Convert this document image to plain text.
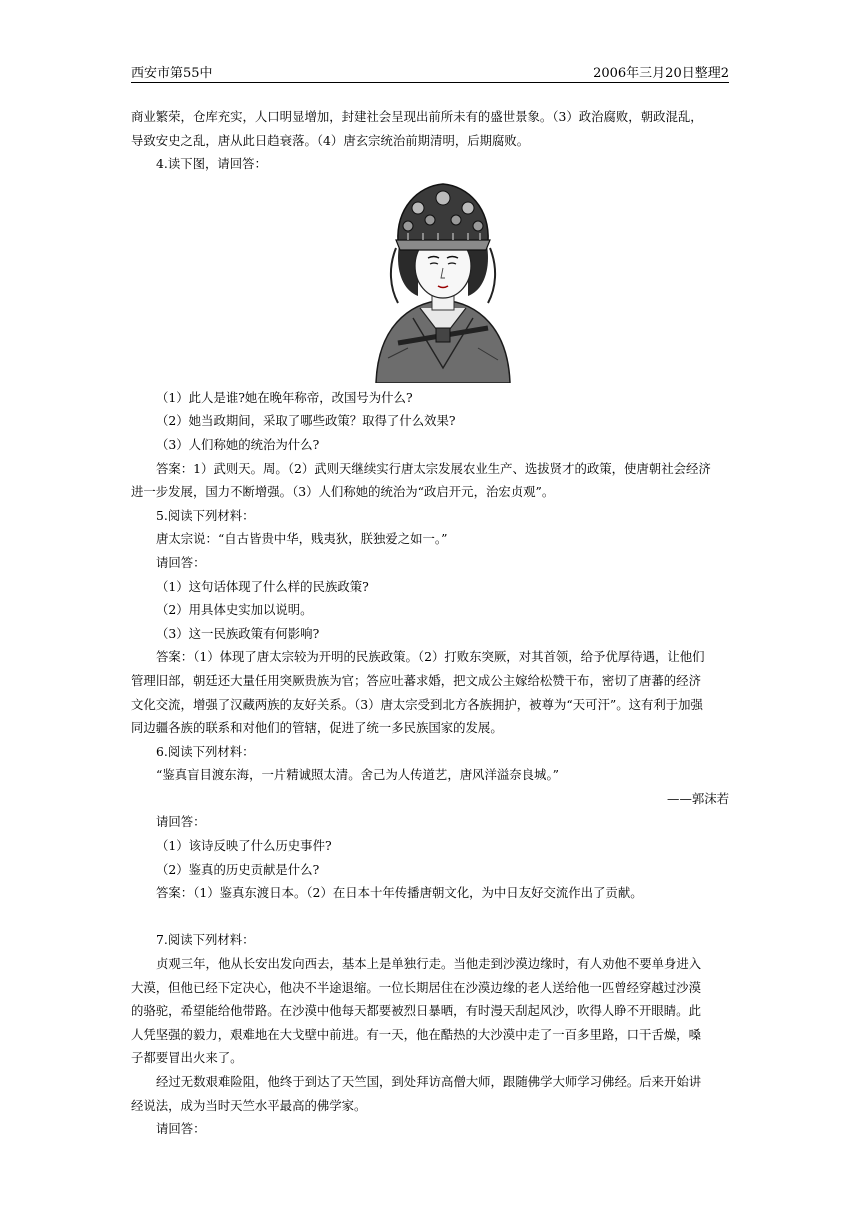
西安市第55中	2006年三月20日整理2

商业繁荣，仓库充实，人口明显增加，封建社会呈现出前所未有的盛世景象。（3）政治腐败，朝政混乱，

导致安史之乱，唐从此日趋衰落。（4）唐玄宗统治前期清明，后期腐败。

4.读下图，请回答：

（1）此人是谁?她在晚年称帝，改国号为什么?

（2）她当政期间，采取了哪些政策？取得了什么效果?

（3）人们称她的统治为什么?

答案：1）武则天。周。（2）武则天继续实行唐太宗发展农业生产、选拔贤才的政策，使唐朝社会经济

进一步发展，国力不断增强。（3）人们称她的统治为“政启开元，治宏贞观”。

5.阅读下列材料：

唐太宗说：“自古皆贵中华，贱夷狄，朕独爱之如一。”

请回答：

（1）这句话体现了什么样的民族政策?

（2）用具体史实加以说明。

（3）这一民族政策有何影响?

答案：（1）体现了唐太宗较为开明的民族政策。（2）打败东突厥，对其首领，给予优厚待遇，让他们

管理旧部，朝廷还大量任用突厥贵族为官；答应吐蕃求婚，把文成公主嫁给松赞干布，密切了唐蕃的经济

文化交流，增强了汉藏两族的友好关系。（3）唐太宗受到北方各族拥护，被尊为“天可汗”。这有利于加强

同边疆各族的联系和对他们的管辖，促进了统一多民族国家的发展。

6.阅读下列材料：

“鉴真盲目渡东海，一片精诚照太清。舍己为人传道艺，唐风洋溢奈良城。”

——郭沫若

请回答：

（1）该诗反映了什么历史事件?

（2）鉴真的历史贡献是什么?

答案：（1）鉴真东渡日本。（2）在日本十年传播唐朝文化，为中日友好交流作出了贡献。

7.阅读下列材料：

贞观三年，他从长安出发向西去，基本上是单独行走。当他走到沙漠边缘时，有人劝他不要单身进入

大漠，但他已经下定决心，他决不半途退缩。一位长期居住在沙漠边缘的老人送给他一匹曾经穿越过沙漠

的骆驼，希望能给他带路。在沙漠中他每天都要被烈日暴晒，有时漫天刮起风沙，吹得人睁不开眼睛。此

人凭坚强的毅力，艰难地在大戈壁中前进。有一天，他在酷热的大沙漠中走了一百多里路，口干舌燥，嗓

子都要冒出火来了。

经过无数艰难险阻，他终于到达了天竺国，到处拜访高僧大师，跟随佛学大师学习佛经。后来开始讲

经说法，成为当时天竺水平最高的佛学家。

请回答：
